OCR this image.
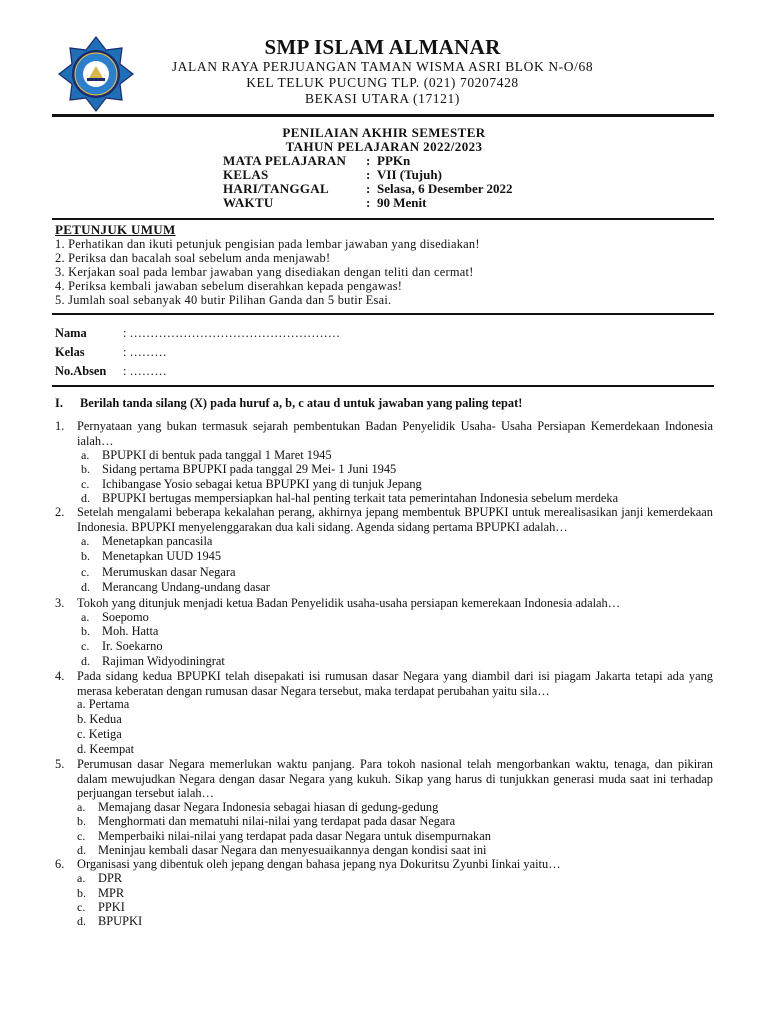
SMP ISLAM ALMANAR
JALAN RAYA PERJUANGAN TAMAN WISMA ASRI BLOK N-O/68
KEL TELUK PUCUNG TLP. (021) 70207428
BEKASI UTARA (17121)
PENILAIAN AKHIR SEMESTER
TAHUN PELAJARAN 2022/2023
MATA PELAJARAN : PPKn
KELAS	: VII (Tujuh)
HARI/TANGGAL	: Selasa, 6 Desember 2022
WAKTU	: 90 Menit
PETUNJUK UMUM
1. Perhatikan dan ikuti petunjuk pengisian pada lembar jawaban yang disediakan!
2. Periksa dan bacalah soal sebelum anda menjawab!
3. Kerjakan soal pada lembar jawaban yang disediakan dengan teliti dan cermat!
4. Periksa kembali jawaban sebelum diserahkan kepada pengawas!
5. Jumlah soal sebanyak 40 butir Pilihan Ganda dan 5 butir Esai.
Nama	: ……………………………………………
Kelas	: ………
No.Absen : ………
I. Berilah tanda silang (X) pada huruf a, b, c atau d untuk jawaban yang paling tepat!
1. Pernyataan yang bukan termasuk sejarah pembentukan Badan Penyelidik Usaha- Usaha Persiapan Kemerdekaan Indonesia ialah…
a. BPUPKI di bentuk pada tanggal 1 Maret 1945
b. Sidang pertama BPUPKI pada tanggal 29 Mei- 1 Juni 1945
c. Ichibangase Yosio sebagai ketua BPUPKI yang di tunjuk Jepang
d. BPUPKI bertugas mempersiapkan hal-hal penting terkait tata pemerintahan Indonesia sebelum merdeka
2. Setelah mengalami beberapa kekalahan perang, akhirnya jepang membentuk BPUPKI untuk merealisasikan janji kemerdekaan Indonesia. BPUPKI menyelenggarakan dua kali sidang. Agenda sidang pertama BPUPKI adalah…
a. Menetapkan pancasila
b. Menetapkan UUD 1945
c. Merumuskan dasar Negara
d. Merancang Undang-undang dasar
3. Tokoh yang ditunjuk menjadi ketua Badan Penyelidik usaha-usaha persiapan kemerekaan Indonesia adalah…
a. Soepomo
b. Moh. Hatta
c. Ir. Soekarno
d. Rajiman Widyodiningrat
4. Pada sidang kedua BPUPKI telah disepakati isi rumusan dasar Negara yang diambil dari isi piagam Jakarta tetapi ada yang merasa keberatan dengan rumusan dasar Negara tersebut, maka terdapat perubahan yaitu sila…
a. Pertama
b. Kedua
c. Ketiga
d. Keempat
5. Perumusan dasar Negara memerlukan waktu panjang. Para tokoh nasional telah mengorbankan waktu, tenaga, dan pikiran dalam mewujudkan Negara dengan dasar Negara yang kukuh. Sikap yang harus di tunjukkan generasi muda saat ini terhadap perjuangan tersebut ialah…
a. Memajang dasar Negara Indonesia sebagai hiasan di gedung-gedung
b. Menghormati dan mematuhi nilai-nilai yang terdapat pada dasar Negara
c. Memperbaiki nilai-nilai yang terdapat pada dasar Negara untuk disempurnakan
d. Meninjau kembali dasar Negara dan menyesuaikannya dengan kondisi saat ini
6. Organisasi yang dibentuk oleh jepang dengan bahasa jepang nya Dokuritsu Zyunbi Iinkai yaitu…
a. DPR
b. MPR
c. PPKI
d. BPUPKI
